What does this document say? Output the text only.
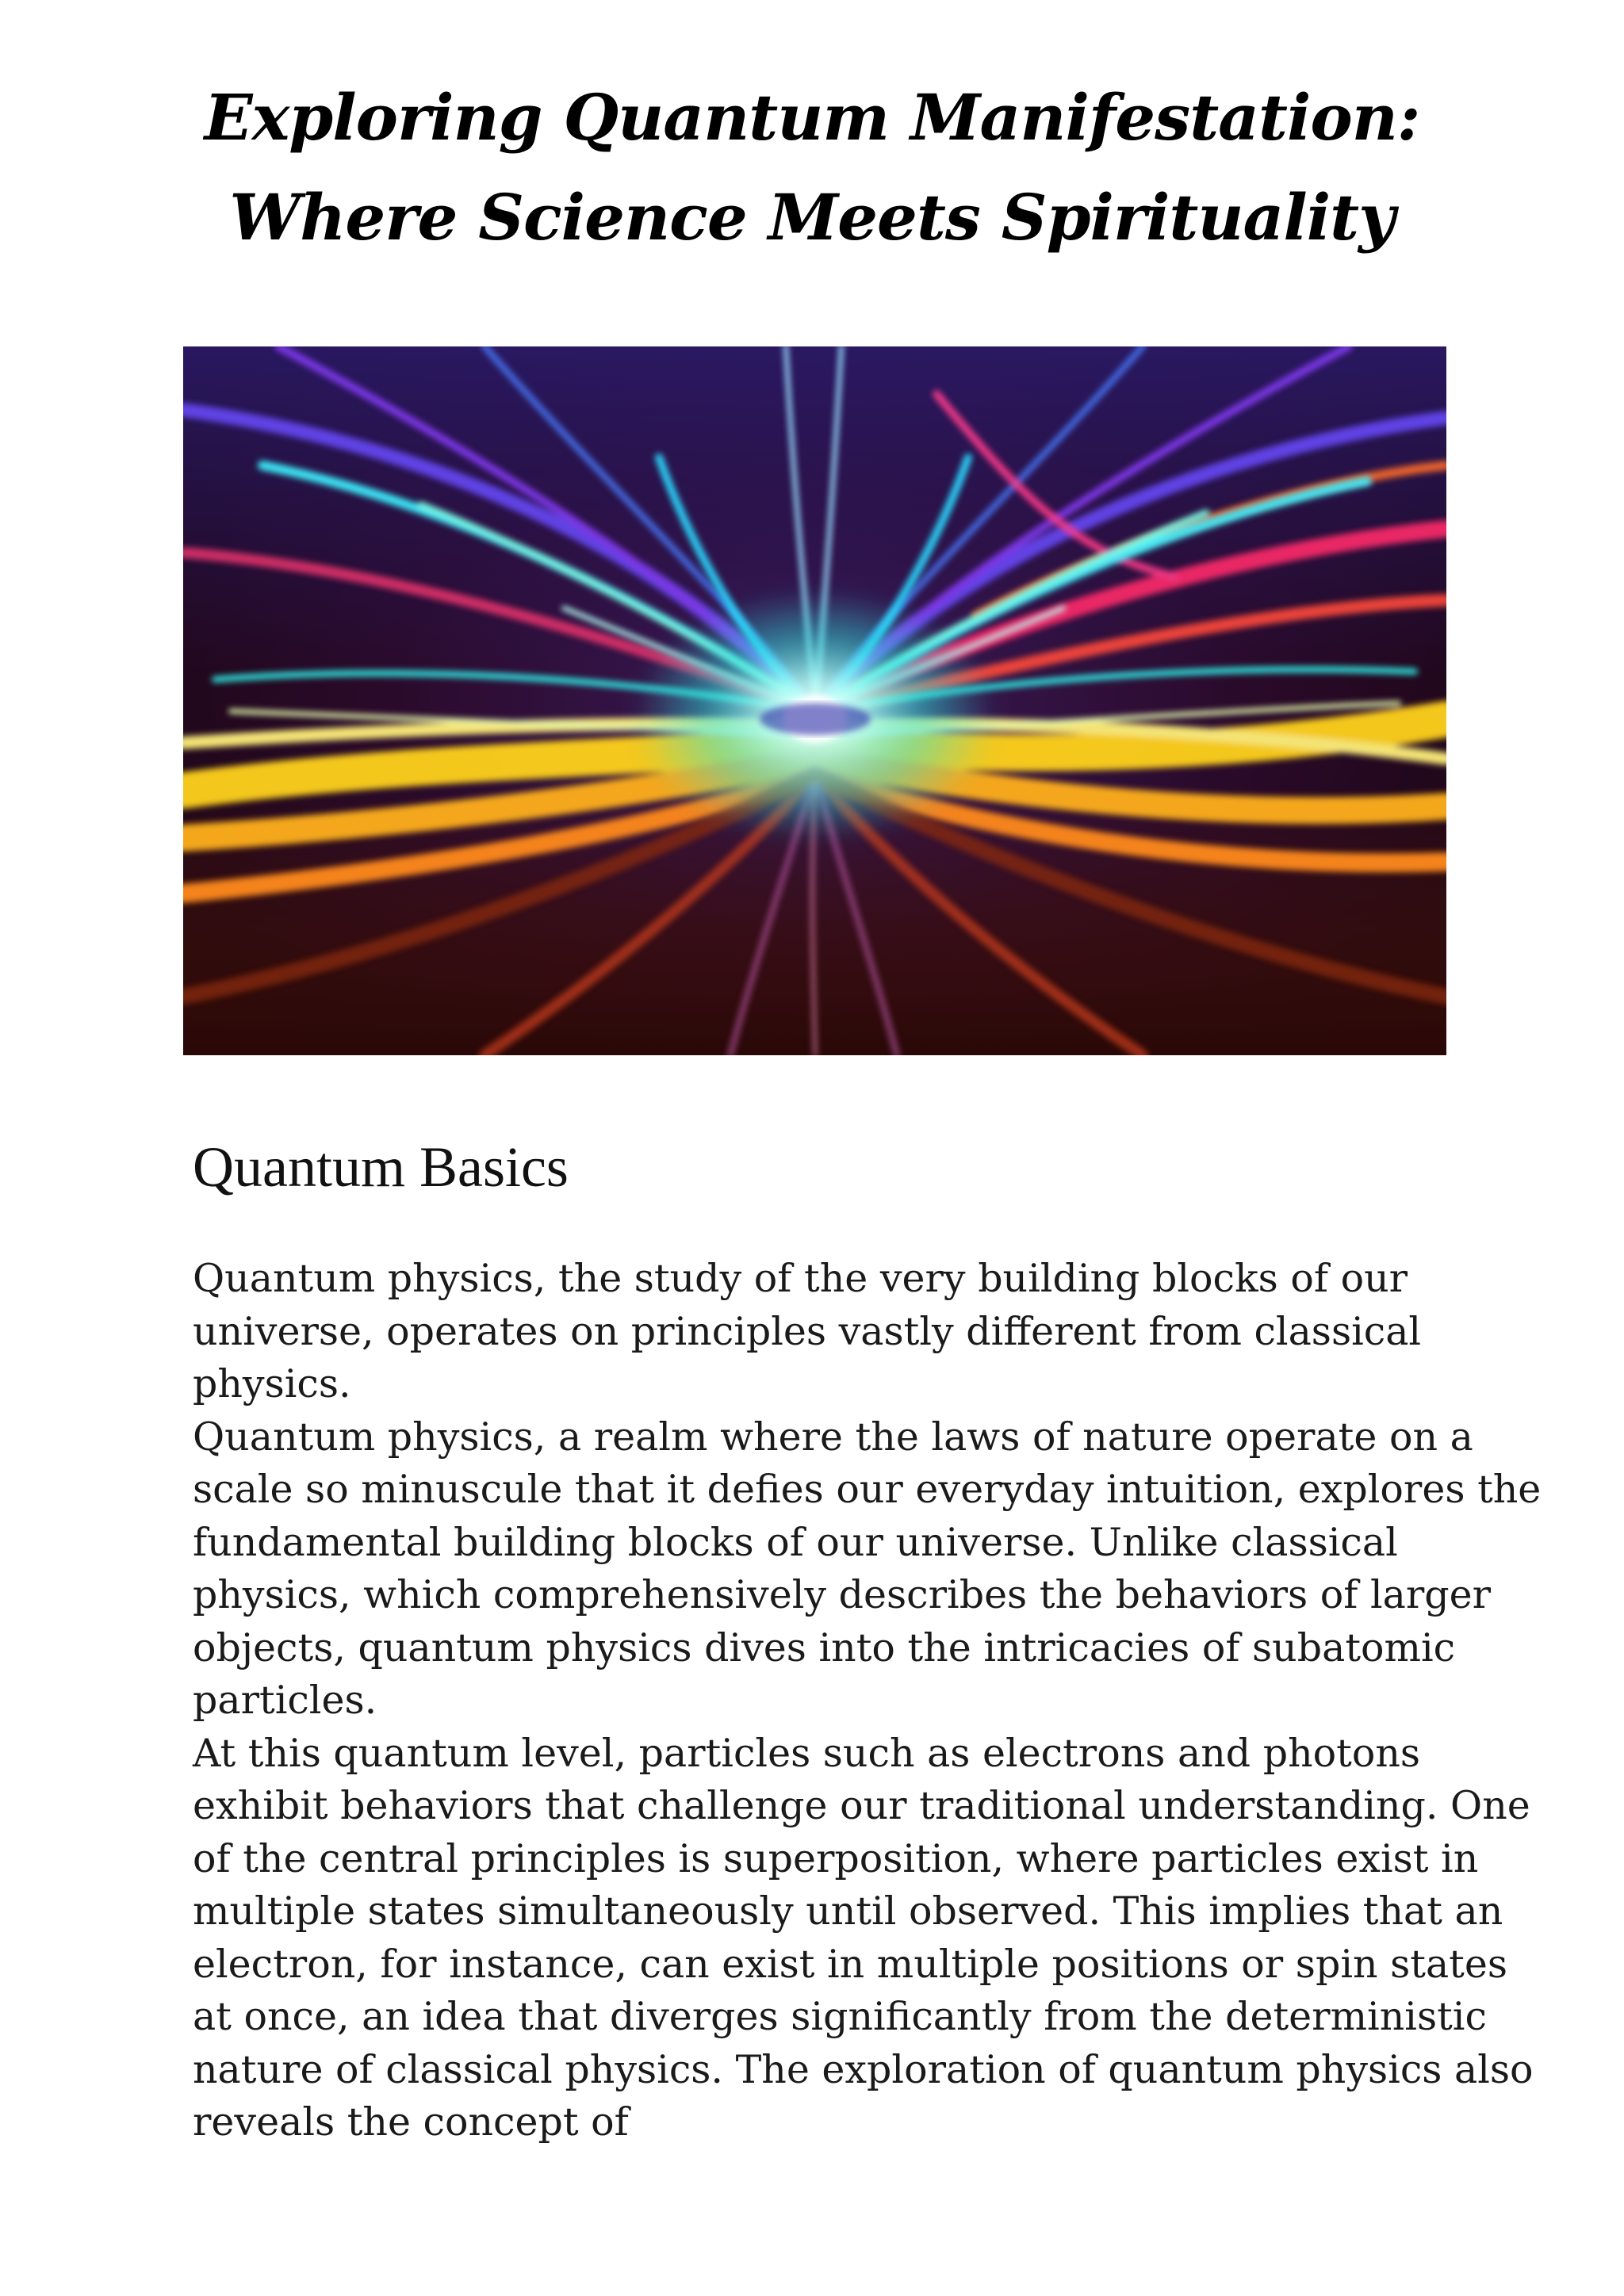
Exploring Quantum Manifestation:
Where Science Meets Spirituality
Quantum Basics

Quantum physics, the study of the very building blocks of our universe, operates on principles vastly different from classical physics.

Quantum physics, a realm where the laws of nature operate on a scale so minuscule that it defies our everyday intuition, explores the fundamental building blocks of our universe. Unlike classical physics, which comprehensively describes the behaviors of larger objects, quantum physics dives into the intricacies of subatomic particles.

At this quantum level, particles such as electrons and photons exhibit behaviors that challenge our traditional understanding. One of the central principles is superposition, where particles exist in multiple states simultaneously until observed. This implies that an electron, for instance, can exist in multiple positions or spin states at once, an idea that diverges significantly from the deterministic nature of classical physics. The exploration of quantum physics also reveals the concept of
